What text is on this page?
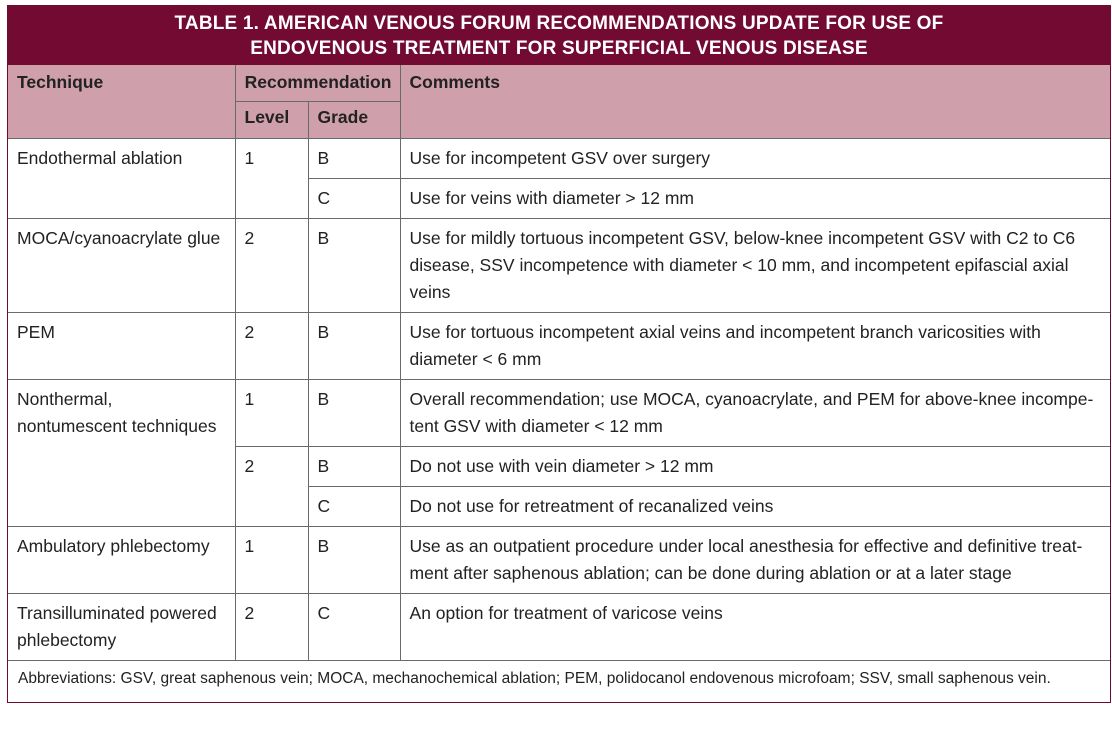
TABLE 1. AMERICAN VENOUS FORUM RECOMMENDATIONS UPDATE FOR USE OF
ENDOVENOUS TREATMENT FOR SUPERFICIAL VENOUS DISEASE
Technique	Recommendation		Comments
	Level	Grade	
Endothermal ablation	1	B	Use for incompetent GSV over surgery
		C	Use for veins with diameter > 12 mm
MOCA/cyanoacrylate glue	2	B	Use for mildly tortuous incompetent GSV, below-knee incompetent GSV with C2 to C6 disease, SSV incompetence with diameter < 10 mm, and incompetent epifascial axial veins
PEM	2	B	Use for tortuous incompetent axial veins and incompetent branch varicosities with diameter < 6 mm
Nonthermal, nontumescent techniques	1	B	Overall recommendation; use MOCA, cyanoacrylate, and PEM for above-knee incompe-tent GSV with diameter < 12 mm
	2	B	Do not use with vein diameter > 12 mm
		C	Do not use for retreatment of recanalized veins
Ambulatory phlebectomy	1	B	Use as an outpatient procedure under local anesthesia for effective and definitive treat-ment after saphenous ablation; can be done during ablation or at a later stage
Transilluminated powered phlebectomy	2	C	An option for treatment of varicose veins
Abbreviations: GSV, great saphenous vein; MOCA, mechanochemical ablation; PEM, polidocanol endovenous microfoam; SSV, small saphenous vein.			
